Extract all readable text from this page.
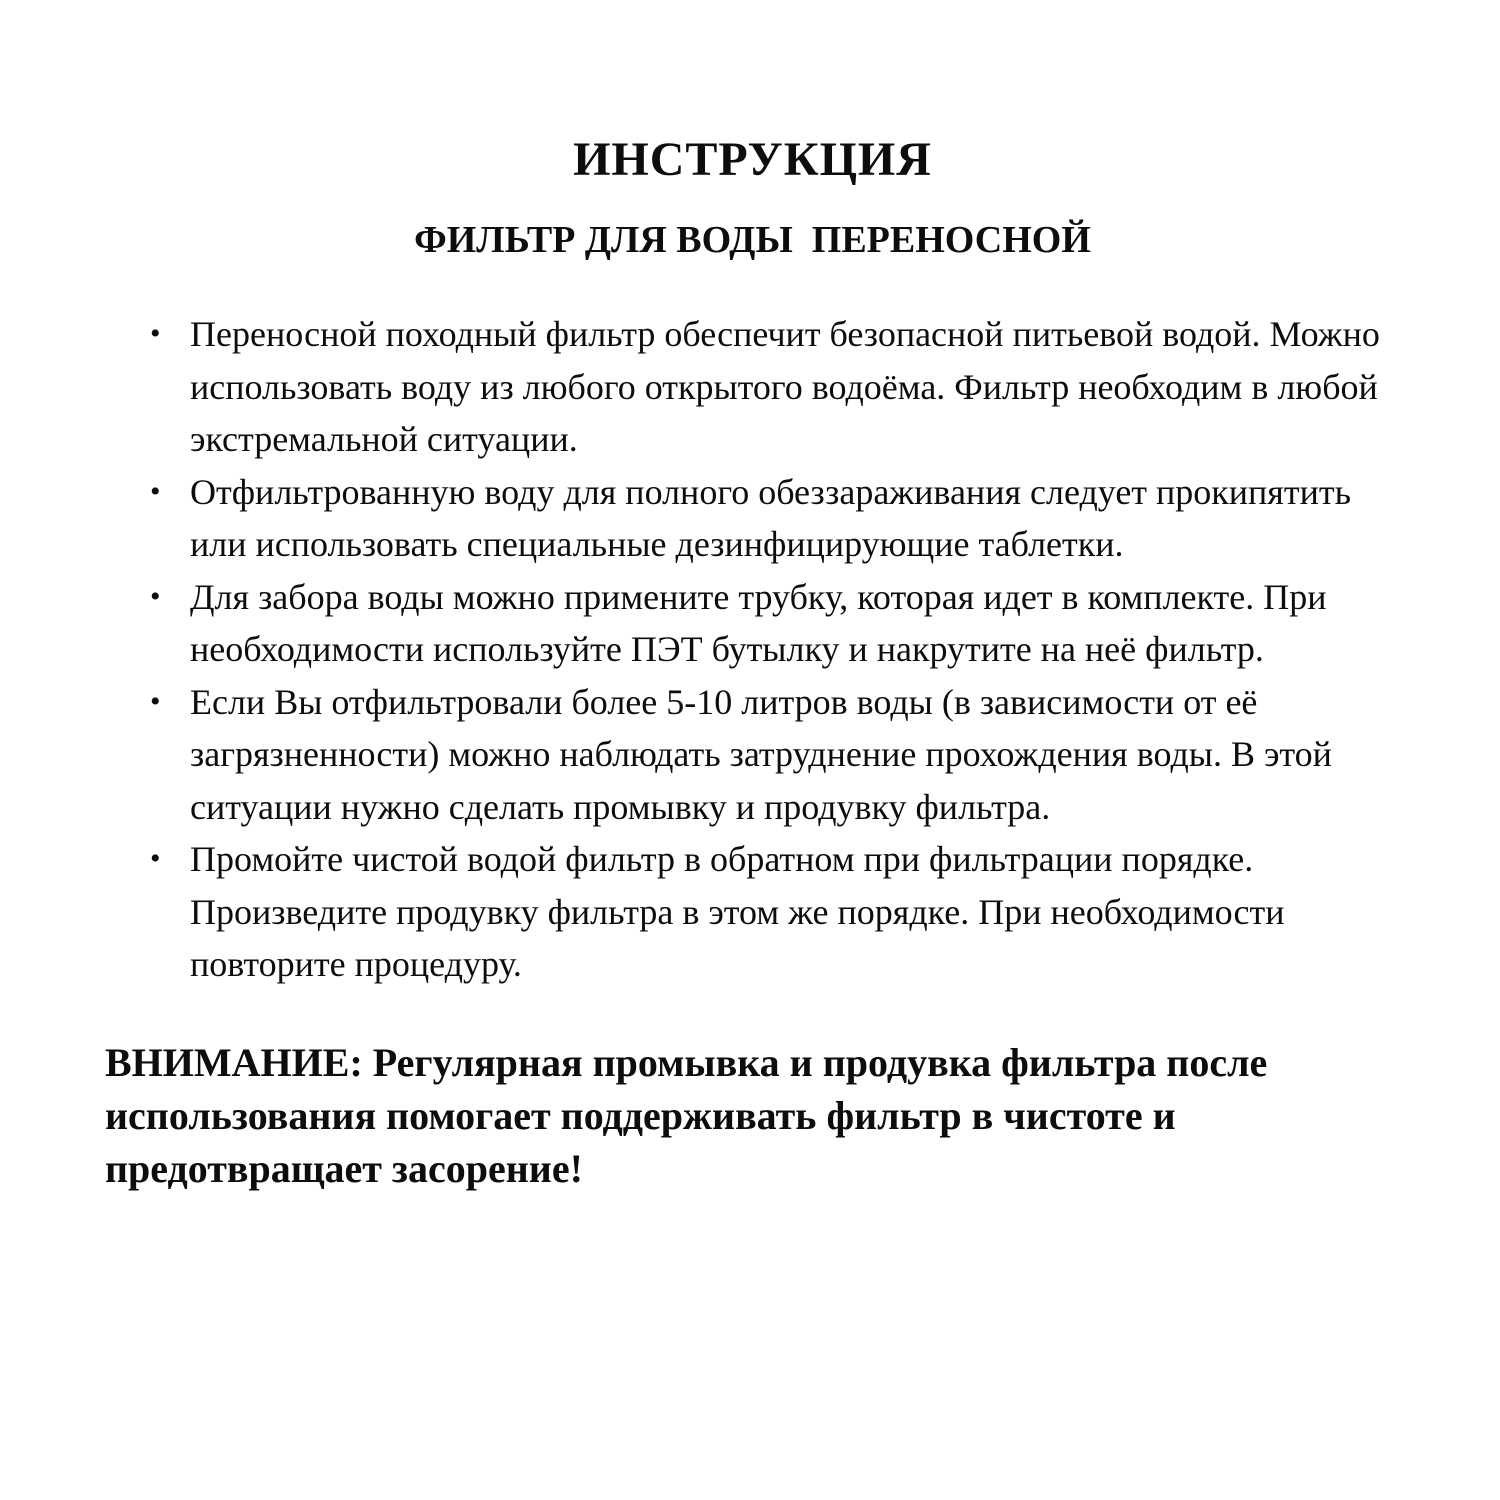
ИНСТРУКЦИЯ
ФИЛЬТР ДЛЯ ВОДЫ  ПЕРЕНОСНОЙ
• Переносной походный фильтр обеспечит безопасной питьевой водой. Можно использовать воду из любого открытого водоёма. Фильтр необходим в любой экстремальной ситуации.
• Отфильтрованную воду для полного обеззараживания следует прокипятить или использовать специальные дезинфицирующие таблетки.
• Для забора воды можно примените трубку, которая идет в комплекте. При необходимости используйте ПЭТ бутылку и накрутите на неё фильтр.
• Если Вы отфильтровали более 5-10 литров воды (в зависимости от её загрязненности) можно наблюдать затруднение прохождения воды. В этой ситуации нужно сделать промывку и продувку фильтра.
• Промойте чистой водой фильтр в обратном при фильтрации порядке. Произведите продувку фильтра в этом же порядке. При необходимости повторите процедуру.

ВНИМАНИЕ: Регулярная промывка и продувка фильтра после использования помогает поддерживать фильтр в чистоте и предотвращает засорение!
